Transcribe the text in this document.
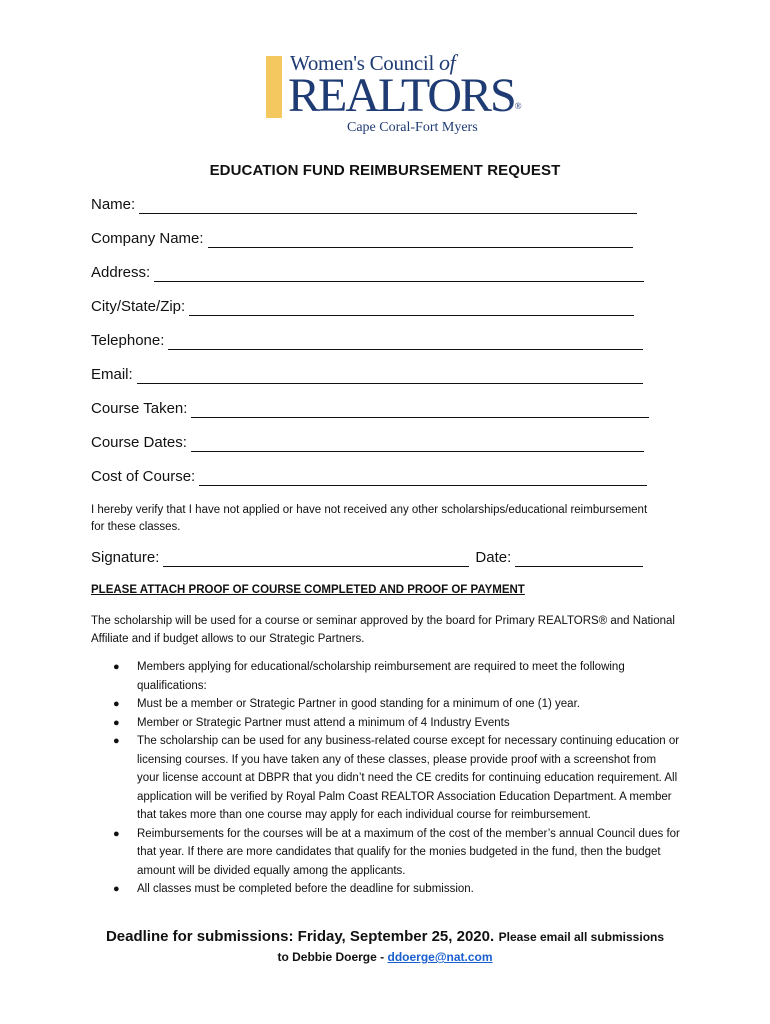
Women's Council of
REALTORS®
Cape Coral-Fort Myers
EDUCATION FUND REIMBURSEMENT REQUEST
Name:
Company Name:
Address:
City/State/Zip:
Telephone:
Email:
Course Taken:
Course Dates:
Cost of Course:
I hereby verify that I have not applied or have not received any other scholarships/educational reimbursement for these classes.
Signature:	Date:
PLEASE ATTACH PROOF OF COURSE COMPLETED AND PROOF OF PAYMENT
The scholarship will be used for a course or seminar approved by the board for Primary REALTORS® and National Affiliate and if budget allows to our Strategic Partners.
● Members applying for educational/scholarship reimbursement are required to meet the following qualifications:
● Must be a member or Strategic Partner in good standing for a minimum of one (1) year.
● Member or Strategic Partner must attend a minimum of 4 Industry Events
● The scholarship can be used for any business-related course except for necessary continuing education or licensing courses. If you have taken any of these classes, please provide proof with a screenshot from your license account at DBPR that you didn’t need the CE credits for continuing education requirement. All application will be verified by Royal Palm Coast REALTOR Association Education Department. A member that takes more than one course may apply for each individual course for reimbursement.
● Reimbursements for the courses will be at a maximum of the cost of the member’s annual Council dues for that year. If there are more candidates that qualify for the monies budgeted in the fund, then the budget amount will be divided equally among the applicants.
● All classes must be completed before the deadline for submission.
Deadline for submissions: Friday, September 25, 2020. Please email all submissions
to Debbie Doerge - ddoerge@nat.com
